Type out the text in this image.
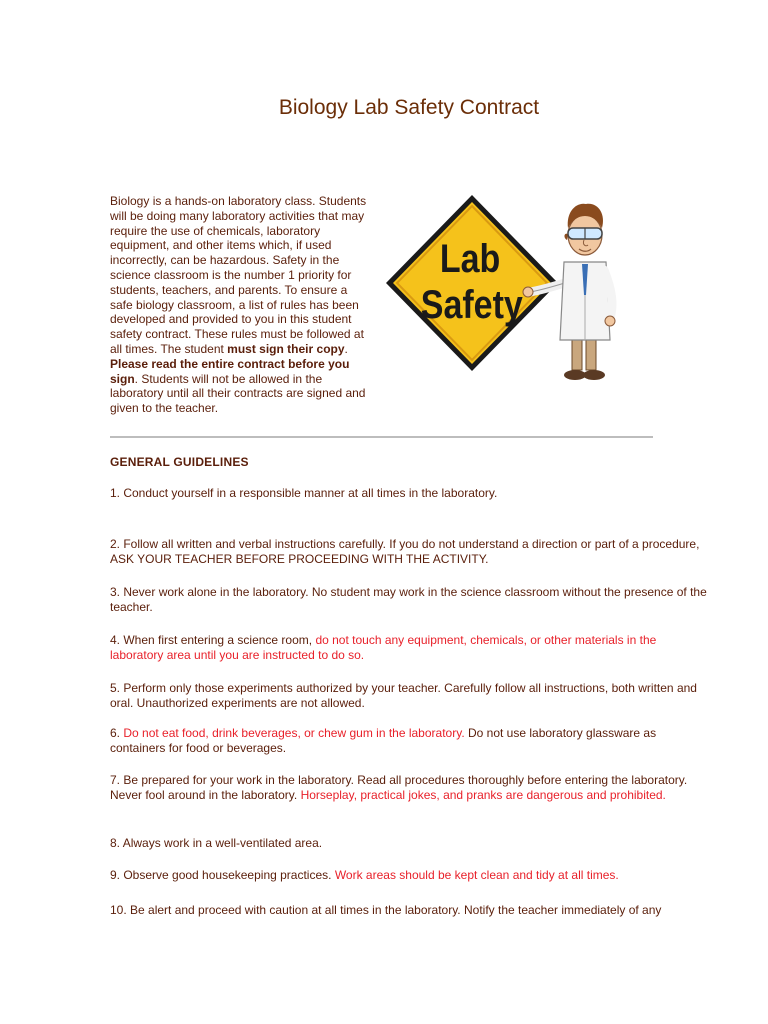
Biology Lab Safety Contract
Biology is a hands-on laboratory class. Students will be doing many laboratory activities that may require the use of chemicals, laboratory equipment, and other items which, if used incorrectly, can be hazardous. Safety in the science classroom is the number 1 priority for students, teachers, and parents. To ensure a safe biology classroom, a list of rules has been developed and provided to you in this student safety contract. These rules must be followed at all times. The student must sign their copy. Please read the entire contract before you sign. Students will not be allowed in the laboratory until all their contracts are signed and given to the teacher.
Lab
Safety
GENERAL GUIDELINES
1. Conduct yourself in a responsible manner at all times in the laboratory.
2. Follow all written and verbal instructions carefully. If you do not understand a direction or part of a procedure, ASK YOUR TEACHER BEFORE PROCEEDING WITH THE ACTIVITY.
3. Never work alone in the laboratory. No student may work in the science classroom without the presence of the teacher.
4. When first entering a science room, do not touch any equipment, chemicals, or other materials in the laboratory area until you are instructed to do so.
5. Perform only those experiments authorized by your teacher. Carefully follow all instructions, both written and oral. Unauthorized experiments are not allowed.
6. Do not eat food, drink beverages, or chew gum in the laboratory. Do not use laboratory glassware as containers for food or beverages.
7. Be prepared for your work in the laboratory. Read all procedures thoroughly before entering the laboratory. Never fool around in the laboratory. Horseplay, practical jokes, and pranks are dangerous and prohibited.
8. Always work in a well-ventilated area.
9. Observe good housekeeping practices. Work areas should be kept clean and tidy at all times.
10. Be alert and proceed with caution at all times in the laboratory. Notify the teacher immediately of any
